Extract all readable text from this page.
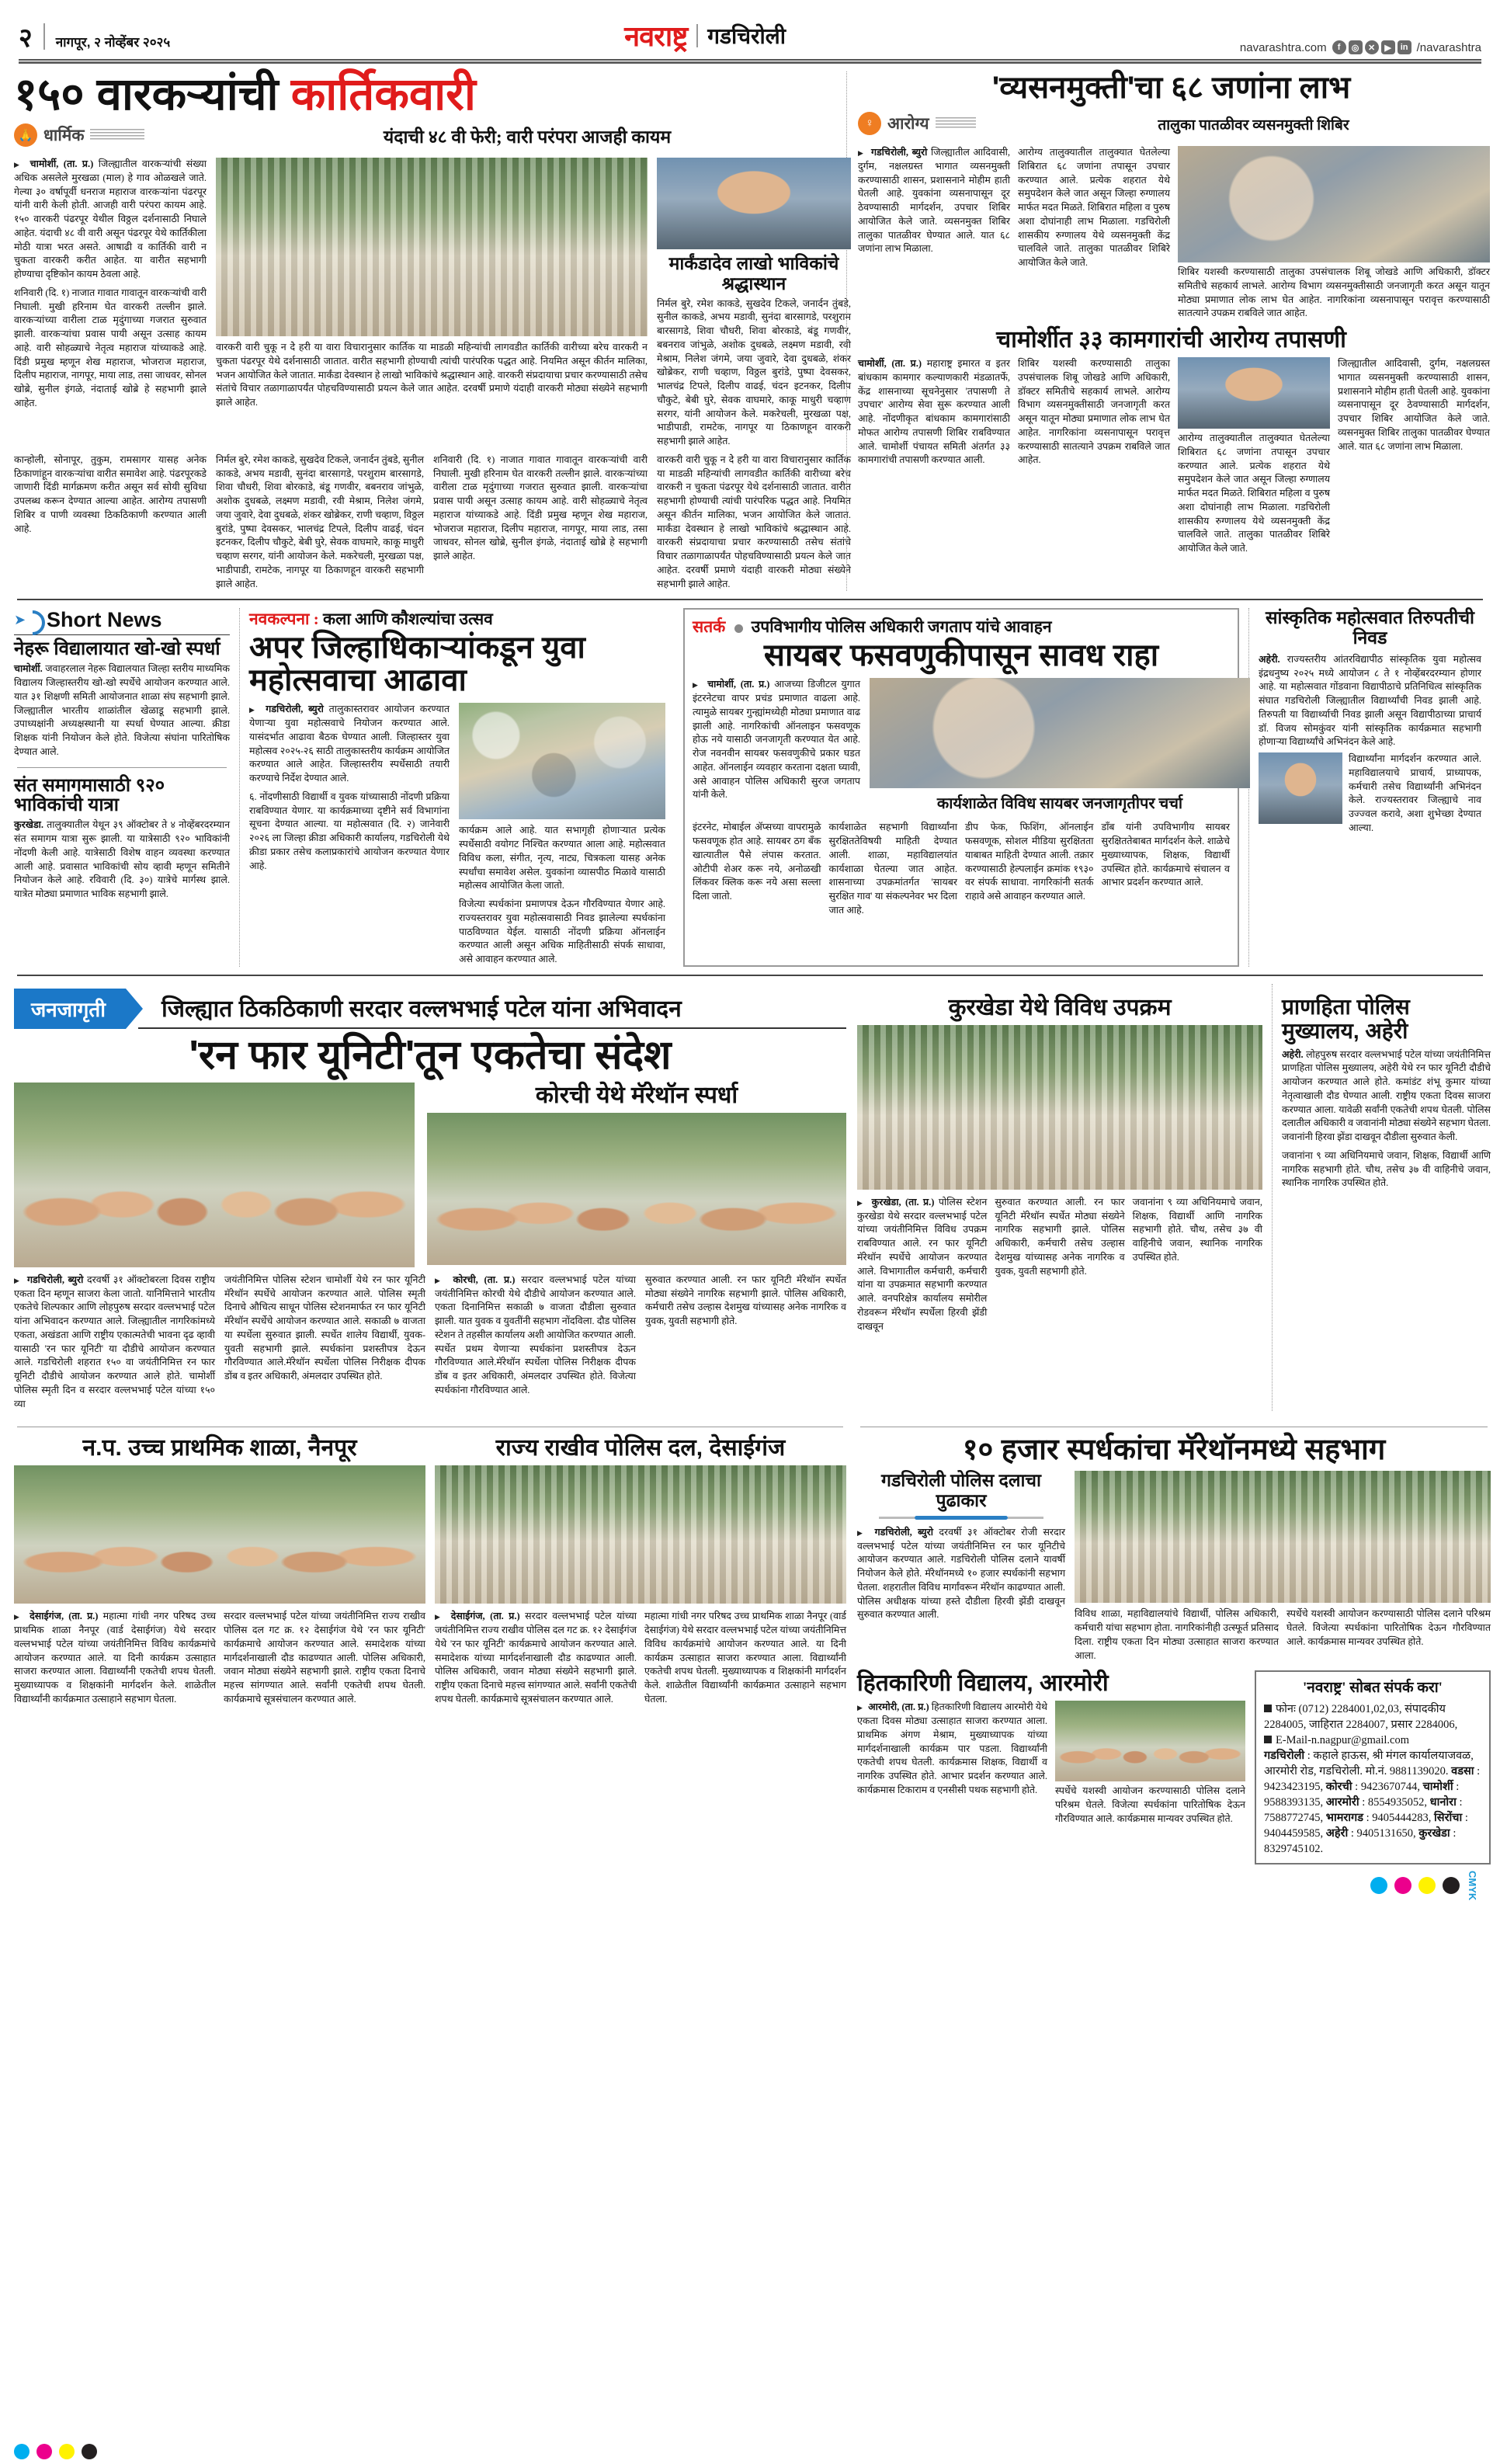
२ नागपूर, २ नोव्हेंबर २०२५	नवराष्ट्र गडचिरोली	navarashtra.com	f	◎	✕	▶	in /navarashtra
१५० वारकऱ्यांची कार्तिकवारी
🙏 धार्मिक	यंदाची ४८ वी फेरी; वारी परंपरा आजही कायम
▶ चामोर्शी, (ता. प्र.) जिल्ह्यातील वारकऱ्यांची संख्या अधिक असलेले मुरखळा (माल) हे गाव ओळखले जाते. गेल्या ३० वर्षापूर्वी धनराज महाराज वारकऱ्यांना पंढरपूर यांनी वारी केली होती. आजही वारी परंपरा कायम आहे. १५० वारकरी पंढरपूर येथील विठ्ठल दर्शनासाठी निघाले आहेत. यंदाची ४८ वी वारी असून पंढरपूर येथे कार्तिकीला मोठी यात्रा भरत असते. आषाढी व कार्तिकी वारी न चुकता वारकरी करीत आहेत. या वारीत सहभागी होण्याचा दृष्टिकोन कायम ठेवला आहे.
शनिवारी (दि. १) नाजात गावात गावातून वारकऱ्यांची वारी निघाली. मुखी हरिनाम घेत वारकरी तल्लीन झाले. वारकऱ्यांच्या वारीला टाळ मृदुंगाच्या गजरात सुरुवात झाली. वारकऱ्यांचा प्रवास पायी असून उत्साह कायम आहे. वारी सोहळ्याचे नेतृत्व महाराज यांच्याकडे आहे. दिंडी प्रमुख म्हणून शेख महाराज, भोजराज महाराज, दिलीप महाराज, नागपूर, माया लाड, तसा जाधवर, सोनल खोब्रे, सुनील इंगळे, नंदाताई खोब्रे हे सहभागी झाले आहेत.
वारकरी वारी चुकू न देे हरी या वारा विचारानुसार कार्तिक या माडळी महिन्यांची लागवडीत कार्तिकी वारीच्या बरेच वारकरी न चुकता पंढरपूर येथे दर्शनासाठी जातात. वारीत सहभागी होण्याची त्यांची पारंपरिक पद्धत आहे. नियमित असून कीर्तन मालिका, भजन आयोजित केले जातात. मार्कंडा देवस्थान हे लाखो भाविकांचे श्रद्धास्थान आहे. वारकरी संप्रदायाचा प्रचार करण्यासाठी तसेच संतांचे विचार तळागाळापर्यंत पोहचविण्यासाठी प्रयत्न केले जात आहेत. दरवर्षी प्रमाणे यंदाही वारकरी मोठ्या संख्येने सहभागी झाले आहेत.
मार्कंडादेव लाखो भाविकांचे श्रद्धास्थान
निर्मल बुरे, रमेश काकडे, सुखदेव टिकले, जनार्दन तुंबडे, सुनील काकडे, अभय मडावी, सुनंदा बारसागडे, परशुराम बारसागडे, शिवा चौधरी, शिवा बोरकाडे, बंडू गणवीर, बबनराव जांभुळे, अशोक दुधबळे, लक्ष्मण मडावी, रवी मेश्राम, निलेश जंगमे, जया जुवारे, देवा दुधबळे, शंकर खोब्रेकर, राणी चव्हाण, विठ्ठल बुरांडे, पुष्पा देवसकर, भालचंद्र टिपले, दिलीप वाढई, चंदन इटनकर, दिलीप चौकुटे, बेबी घुरे, सेवक वाघमारे, काकू माधुरी चव्हाण सरगर, यांनी आयोजन केले. मकरेचली, मुरखळा पक्ष, भाडीपाडी, रामटेक, नागपूर या ठिकाणहून वारकरी सहभागी झाले आहेत.
कान्होली, सोनापूर, तुकुम, रामसागर यासह अनेक ठिकाणांहून वारकऱ्यांचा वारीत समावेश आहे. पंढरपूरकडे जाणारी दिंडी मार्गक्रमण करीत असून सर्व सोयी सुविधा उपलब्ध करून देण्यात आल्या आहेत. आरोग्य तपासणी शिबिर व पाणी व्यवस्था ठिकठिकाणी करण्यात आली आहे.
निर्मल बुरे, रमेश काकडे, सुखदेव टिकले, जनार्दन तुंबडे, सुनील काकडे, अभय मडावी, सुनंदा बारसागडे, परशुराम बारसागडे, शिवा चौधरी, शिवा बोरकाडे, बंडू गणवीर, बबनराव जांभुळे, अशोक दुधबळे, लक्ष्मण मडावी, रवी मेश्राम, निलेश जंगमे, जया जुवारे, देवा दुधबळे, शंकर खोब्रेकर, राणी चव्हाण, विठ्ठल बुरांडे, पुष्पा देवसकर, भालचंद्र टिपले, दिलीप वाढई, चंदन इटनकर, दिलीप चौकुटे, बेबी घुरे, सेवक वाघमारे, काकू माधुरी चव्हाण सरगर, यांनी आयोजन केले. मकरेचली, मुरखळा पक्ष, भाडीपाडी, रामटेक, नागपूर या ठिकाणहून वारकरी सहभागी झाले आहेत.
शनिवारी (दि. १) नाजात गावात गावातून वारकऱ्यांची वारी निघाली. मुखी हरिनाम घेत वारकरी तल्लीन झाले. वारकऱ्यांच्या वारीला टाळ मृदुंगाच्या गजरात सुरुवात झाली. वारकऱ्यांचा प्रवास पायी असून उत्साह कायम आहे. वारी सोहळ्याचे नेतृत्व महाराज यांच्याकडे आहे. दिंडी प्रमुख म्हणून शेख महाराज, भोजराज महाराज, दिलीप महाराज, नागपूर, माया लाड, तसा जाधवर, सोनल खोब्रे, सुनील इंगळे, नंदाताई खोब्रे हे सहभागी झाले आहेत.
वारकरी वारी चुकू न देे हरी या वारा विचारानुसार कार्तिक या माडळी महिन्यांची लागवडीत कार्तिकी वारीच्या बरेच वारकरी न चुकता पंढरपूर येथे दर्शनासाठी जातात. वारीत सहभागी होण्याची त्यांची पारंपरिक पद्धत आहे. नियमित असून कीर्तन मालिका, भजन आयोजित केले जातात. मार्कंडा देवस्थान हे लाखो भाविकांचे श्रद्धास्थान आहे. वारकरी संप्रदायाचा प्रचार करण्यासाठी तसेच संतांचे विचार तळागाळापर्यंत पोहचविण्यासाठी प्रयत्न केले जात आहेत. दरवर्षी प्रमाणे यंदाही वारकरी मोठ्या संख्येने सहभागी झाले आहेत.
'व्यसनमुक्ती'चा ६८ जणांना लाभ
♀ आरोग्य	तालुका पातळीवर व्यसनमुक्ती शिबिर
▶ गडचिरोली, ब्युरो जिल्ह्यातील आदिवासी, दुर्गम, नक्षलग्रस्त भागात व्यसनमुक्ती करण्यासाठी शासन, प्रशासनाने मोहीम हाती घेतली आहे. युवकांना व्यसनापासून दूर ठेवण्यासाठी मार्गदर्शन, उपचार शिबिर आयोजित केले जाते. व्यसनमुक्त शिबिर तालुका पातळीवर घेण्यात आले. यात ६८ जणांना लाभ मिळाला.
आरोग्य तालुक्यातील तालुक्यात घेतलेल्या शिबिरात ६८ जणांना तपासून उपचार करण्यात आले. प्रत्येक शहरात येथे समुपदेशन केले जात असून जिल्हा रुग्णालय मार्फत मदत मिळते. शिबिरात महिला व पुरुष अशा दोघांनाही लाभ मिळाला. गडचिरोली शासकीय रुग्णालय येथे व्यसनमुक्ती केंद्र चालविले जाते. तालुका पातळीवर शिबिरे आयोजित केले जाते.
शिबिर यशस्वी करण्यासाठी तालुका उपसंचालक शिबू जोखडे आणि अधिकारी, डॉक्टर समितीचे सहकार्य लाभले. आरोग्य विभाग व्यसनमुक्तीसाठी जनजागृती करत असून यातून मोठ्या प्रमाणात लोक लाभ घेत आहेत. नागरिकांना व्यसनापासून परावृत्त करण्यासाठी सातत्याने उपक्रम राबविले जात आहेत.
चामोर्शीत ३३ कामगारांची आरोग्य तपासणी
चामोर्शी, (ता. प्र.) महाराष्ट्र इमारत व इतर बांधकाम कामगार कल्याणकारी मंडळातर्फे, केंद्र शासनाच्या सूचनेनुसार 'तपासणी ते उपचार' आरोग्य सेवा सुरू करण्यात आली आहे. नोंदणीकृत बांधकाम कामगारांसाठी मोफत आरोग्य तपासणी शिबिर राबविण्यात आले. चामोर्शी पंचायत समिती अंतर्गत ३३ कामगारांची तपासणी करण्यात आली.
शिबिर यशस्वी करण्यासाठी तालुका उपसंचालक शिबू जोखडे आणि अधिकारी, डॉक्टर समितीचे सहकार्य लाभले. आरोग्य विभाग व्यसनमुक्तीसाठी जनजागृती करत असून यातून मोठ्या प्रमाणात लोक लाभ घेत आहेत. नागरिकांना व्यसनापासून परावृत्त करण्यासाठी सातत्याने उपक्रम राबविले जात आहेत.
आरोग्य तालुक्यातील तालुक्यात घेतलेल्या शिबिरात ६८ जणांना तपासून उपचार करण्यात आले. प्रत्येक शहरात येथे समुपदेशन केले जात असून जिल्हा रुग्णालय मार्फत मदत मिळते. शिबिरात महिला व पुरुष अशा दोघांनाही लाभ मिळाला. गडचिरोली शासकीय रुग्णालय येथे व्यसनमुक्ती केंद्र चालविले जाते. तालुका पातळीवर शिबिरे आयोजित केले जाते.
जिल्ह्यातील आदिवासी, दुर्गम, नक्षलग्रस्त भागात व्यसनमुक्ती करण्यासाठी शासन, प्रशासनाने मोहीम हाती घेतली आहे. युवकांना व्यसनापासून दूर ठेवण्यासाठी मार्गदर्शन, उपचार शिबिर आयोजित केले जाते. व्यसनमुक्त शिबिर तालुका पातळीवर घेण्यात आले. यात ६८ जणांना लाभ मिळाला.
➤
Short News
नेहरू विद्यालायात खो-खो स्पर्धा
चामोर्शी. जवाहरलाल नेहरू विद्यालयात जिल्हा स्तरीय माध्यमिक विद्यालय जिल्हास्तरीय खो-खो स्पर्धेचे आयोजन करण्यात आले. यात ३१ शिक्षणी समिती आयोजनात शाळा संघ सहभागी झाले. जिल्ह्यातील भारतीय शाळांतील खेळाडू सहभागी झाले. उपाध्यक्षांनी अध्यक्षस्थानी या स्पर्धा घेण्यात आल्या. क्रीडा शिक्षक यांनी नियोजन केले होते. विजेत्या संघांना पारितोषिक देण्यात आले.
संत समागमासाठी ९२० भाविकांची यात्रा
कुरखेडा. तालुक्यातील येथून ३९ ऑक्टोबर ते ४ नोव्हेंबरदरम्यान संत समागम यात्रा सुरू झाली. या यात्रेसाठी ९२० भाविकांनी नोंदणी केली आहे. यात्रेसाठी विशेष वाहन व्यवस्था करण्यात आली आहे. प्रवासात भाविकांची सोय व्हावी म्हणून समितीने नियोजन केले आहे. रविवारी (दि. ३०) यात्रेचे मार्गस्थ झाले. यात्रेत मोठ्या प्रमाणात भाविक सहभागी झाले.
नवकल्पना : कला आणि कौशल्यांचा उत्सव
अपर जिल्हाधिकाऱ्यांकडून युवा महोत्सवाचा आढावा
▶ गडचिरोली, ब्युरो तालुकास्तरावर आयोजन करण्यात येणाऱ्या युवा महोत्सवाचे नियोजन करण्यात आले. यासंदर्भात आढावा बैठक घेण्यात आली. जिल्हास्तर युवा महोत्सव २०२५-२६ साठी तालुकास्तरीय कार्यक्रम आयोजित करण्यात आले आहेत. जिल्हास्तरीय स्पर्धेसाठी तयारी करण्याचे निर्देश देण्यात आले.
६. नोंदणीसाठी विद्यार्थी व युवक यांच्यासाठी नोंदणी प्रक्रिया राबविण्यात येणार. या कार्यक्रमाच्या दृष्टीने सर्व विभागांना सूचना देण्यात आल्या. या महोत्सवात (दि. २) जानेवारी २०२६ ला जिल्हा क्रीडा अधिकारी कार्यालय, गडचिरोली येथे क्रीडा प्रकार तसेच कलाप्रकारांचे आयोजन करण्यात येणार आहे.
कार्यक्रम आले आहे. यात सभागृही होणाऱ्यात प्रत्येक स्पर्धेसाठी वयोगट निश्चित करण्यात आला आहे. महोत्सवात विविध कला, संगीत, नृत्य, नाट्य, चित्रकला यासह अनेक स्पर्धांचा समावेश असेल. युवकांना व्यासपीठ मिळावे यासाठी महोत्सव आयोजित केला जातो.
विजेत्या स्पर्धकांना प्रमाणपत्र देऊन गौरविण्यात येणार आहे. राज्यस्तरावर युवा महोत्सवासाठी निवड झालेल्या स्पर्धकांना पाठविण्यात येईल. यासाठी नोंदणी प्रक्रिया ऑनलाईन करण्यात आली असून अधिक माहितीसाठी संपर्क साधावा, असे आवाहन करण्यात आले.
सतर्क उपविभागीय पोलिस अधिकारी जगताप यांचे आवाहन
सायबर फसवणुकीपासून सावध राहा
▶ चामोर्शी, (ता. प्र.) आजच्या डिजीटल युगात इंटरनेटचा वापर प्रचंड प्रमाणात वाढला आहे. त्यामुळे सायबर गुन्ह्यांमध्येही मोठ्या प्रमाणात वाढ झाली आहे. नागरिकांची ऑनलाइन फसवणूक होऊ नये यासाठी जनजागृती करण्यात येत आहे. रोज नवनवीन सायबर फसवणुकीचे प्रकार घडत आहेत. ऑनलाईन व्यवहार करताना दक्षता घ्यावी, असे आवाहन पोलिस अधिकारी सुरज जगताप यांनी केले.
कार्यशाळेत विविध सायबर जनजागृतीपर चर्चा
इंटरनेट, मोबाईल ॲप्सच्या वापरामुळे फसवणूक होत आहे. सायबर ठग बँक खात्यातील पैसे लंपास करतात. ओटीपी शेअर करू नये, अनोळखी लिंकवर क्लिक करू नये असा सल्ला दिला जातो.
कार्यशाळेत सहभागी विद्यार्थ्यांना सुरक्षिततेविषयी माहिती देण्यात आली. शाळा, महाविद्यालयांत कार्यशाळा घेतल्या जात आहेत. शासनाच्या उपक्रमांतर्गत 'सायबर सुरक्षित गाव' या संकल्पनेवर भर दिला जात आहे.
डीप फेक, फिशिंग, ऑनलाईन फसवणूक, सोशल मीडिया सुरक्षितता याबाबत माहिती देण्यात आली. तक्रार करण्यासाठी हेल्पलाईन क्रमांक १९३० वर संपर्क साधावा. नागरिकांनी सतर्क राहावे असे आवाहन करण्यात आले.
डॉंब यांनी उपविभागीय सायबर सुरक्षिततेबाबत मार्गदर्शन केले. शाळेचे मुख्याध्यापक, शिक्षक, विद्यार्थी उपस्थित होते. कार्यक्रमाचे संचालन व आभार प्रदर्शन करण्यात आले.
सांस्कृतिक महोत्सवात तिरुपतीची निवड
अहेरी. राज्यस्तरीय आंतरविद्यापीठ सांस्कृतिक युवा महोत्सव इंद्रधनुष्य २०२५ मध्ये आयोजन ८ ते १ नोव्हेंबरदरम्यान होणार आहे. या महोत्सवात गोंडवाना विद्यापीठाचे प्रतिनिधित्व सांस्कृतिक संघात गडचिरोली जिल्ह्यातील विद्यार्थ्यांची निवड झाली आहे. तिरुपती या विद्यार्थ्याची निवड झाली असून विद्यापीठाच्या प्राचार्य डॉ. विजय सोमकुंवर यांनी सांस्कृतिक कार्यक्रमात सहभागी होणाऱ्या विद्यार्थ्यांचे अभिनंदन केले आहे.
विद्यार्थ्यांना मार्गदर्शन करण्यात आले. महाविद्यालयाचे प्राचार्य, प्राध्यापक, कर्मचारी तसेच विद्यार्थ्यांनी अभिनंदन केले. राज्यस्तरावर जिल्ह्याचे नाव उज्ज्वल करावे, अशा शुभेच्छा देण्यात आल्या.
जनजागृती	जिल्ह्यात ठिकठिकाणी सरदार वल्लभभाई पटेल यांना अभिवादन
'रन फार यूनिटी'तून एकतेचा संदेश
कोरची येथे मॅरेथॉन स्पर्धा
▶ गडचिरोली, ब्युरो दरवर्षी ३१ ऑक्टोबरला दिवस राष्ट्रीय एकता दिन म्हणून साजरा केला जातो. यानिमित्ताने भारतीय एकतेचे शिल्पकार आणि लोहपुरुष सरदार वल्लभभाई पटेल यांना अभिवादन करण्यात आले. जिल्ह्यातील नागरिकांमध्ये एकता, अखंडता आणि राष्ट्रीय एकात्मतेची भावना दृढ व्हावी यासाठी 'रन फार यूनिटी' या दौडीचे आयोजन करण्यात आले. गडचिरोली शहरात १५० वा जयंतीनिमित्त रन फार यूनिटी दौडीचे आयोजन करण्यात आले होते. चामोर्शी पोलिस स्मृती दिन व सरदार वल्लभभाई पटेल यांच्या १५० व्या
जयंतीनिमित्त पोलिस स्टेशन चामोर्शी येथे रन फार यूनिटी मॅरेथॉन स्पर्धेचे आयोजन करण्यात आले. पोलिस स्मृती दिनाचे औचित्य साधून पोलिस स्टेशनमार्फत रन फार यूनिटी मॅरेथॉन स्पर्धेचे आयोजन करण्यात आले. सकाळी ७ वाजता या स्पर्धेला सुरुवात झाली. स्पर्धेत शालेय विद्यार्थी, युवक-युवती सहभागी झाले. स्पर्धकांना प्रशस्तीपत्र देऊन गौरविण्यात आले.मॅरेथॉन स्पर्धेला पोलिस निरीक्षक दीपक डोंब व इतर अधिकारी, अंमलदार उपस्थित होते.
▶ कोरची, (ता. प्र.) सरदार वल्लभभाई पटेल यांच्या जयंतीनिमित्त कोरची येथे दौडीचे आयोजन करण्यात आले. एकता दिनानिमित्त सकाळी ७ वाजता दौडीला सुरुवात झाली. यात युवक व युवतींनी सहभाग नोंदविला. दौड पोलिस स्टेशन ते तहसील कार्यालय अशी आयोजित करण्यात आली. स्पर्धेत प्रथम येणाऱ्या स्पर्धकांना प्रशस्तीपत्र देऊन गौरविण्यात आले.मॅरेथॉन स्पर्धेला पोलिस निरीक्षक दीपक डोंब व इतर अधिकारी, अंमलदार उपस्थित होते. विजेत्या स्पर्धकांना गौरविण्यात आले.
सुरुवात करण्यात आली. रन फार यूनिटी मॅरेथॉन स्पर्धेत मोठ्या संख्येने नागरिक सहभागी झाले. पोलिस अधिकारी, कर्मचारी तसेच उल्हास देशमुख यांच्यासह अनेक नागरिक व युवक, युवती सहभागी होते.
कुरखेडा येथे विविध उपक्रम
▶ कुरखेडा, (ता. प्र.) पोलिस स्टेशन कुरखेडा येथे सरदार वल्लभभाई पटेल यांच्या जयंतीनिमित्त विविध उपक्रम राबविण्यात आले. रन फार यूनिटी मॅरेथॉन स्पर्धेचे आयोजन करण्यात आले. विभागातील कर्मचारी, कर्मचारी यांना या उपक्रमात सहभागी करण्यात आले. वनपरिक्षेत्र कार्यालय समोरील रोडवरून मॅरेथॉन स्पर्धेला हिरवी झेंडी दाखवून
सुरुवात करण्यात आली. रन फार यूनिटी मॅरेथॉन स्पर्धेत मोठ्या संख्येने नागरिक सहभागी झाले. पोलिस अधिकारी, कर्मचारी तसेच उल्हास देशमुख यांच्यासह अनेक नागरिक व युवक, युवती सहभागी होते.
जवानांना ९ व्या अधिनियमाचे जवान, शिक्षक, विद्यार्थी आणि नागरिक सहभागी होते. चौथ, तसेच ३७ वी वाहिनीचे जवान, स्थानिक नागरिक उपस्थित होते.
प्राणहिता पोलिस मुख्यालय, अहेरी
अहेरी. लोहपुरुष सरदार वल्लभभाई पटेल यांच्या जयंतीनिमित्त प्राणहिता पोलिस मुख्यालय, अहेरी येथे रन फार यूनिटी दौडीचे आयोजन करण्यात आले होते. कमांडंट शंभू कुमार यांच्या नेतृत्वाखाली दौड घेण्यात आली. राष्ट्रीय एकता दिवस साजरा करण्यात आला. यावेळी सर्वांनी एकतेची शपथ घेतली. पोलिस दलातील अधिकारी व जवानांनी मोठ्या संख्येने सहभाग घेतला. जवानांनी हिरवा झेंडा दाखवून दौडीला सुरुवात केली.
जवानांना ९ व्या अधिनियमाचे जवान, शिक्षक, विद्यार्थी आणि नागरिक सहभागी होते. चौथ, तसेच ३७ वी वाहिनीचे जवान, स्थानिक नागरिक उपस्थित होते.
न.प. उच्च प्राथमिक शाळा, नैनपूर
▶ देसाईगंज, (ता. प्र.) महात्मा गांधी नगर परिषद उच्च प्राथमिक शाळा नैनपूर (वार्ड देसाईगंज) येथे सरदार वल्लभभाई पटेल यांच्या जयंतीनिमित्त विविध कार्यक्रमांचे आयोजन करण्यात आले. या दिनी कार्यक्रम उत्साहात साजरा करण्यात आला. विद्यार्थ्यांनी एकतेची शपथ घेतली. मुख्याध्यापक व शिक्षकांनी मार्गदर्शन केले. शाळेतील विद्यार्थ्यांनी कार्यक्रमात उत्साहाने सहभाग घेतला.
सरदार वल्लभभाई पटेल यांच्या जयंतीनिमित्त राज्य राखीव पोलिस दल गट क्र. १२ देसाईगंज येथे 'रन फार यूनिटी' कार्यक्रमाचे आयोजन करण्यात आले. समादेशक यांच्या मार्गदर्शनाखाली दौड काढण्यात आली. पोलिस अधिकारी, जवान मोठ्या संख्येने सहभागी झाले. राष्ट्रीय एकता दिनाचे महत्त्व सांगण्यात आले. सर्वांनी एकतेची शपथ घेतली. कार्यक्रमाचे सूत्रसंचालन करण्यात आले.
राज्य राखीव पोलिस दल, देसाईगंज
▶ देसाईगंज, (ता. प्र.) सरदार वल्लभभाई पटेल यांच्या जयंतीनिमित्त राज्य राखीव पोलिस दल गट क्र. १२ देसाईगंज येथे 'रन फार यूनिटी' कार्यक्रमाचे आयोजन करण्यात आले. समादेशक यांच्या मार्गदर्शनाखाली दौड काढण्यात आली. पोलिस अधिकारी, जवान मोठ्या संख्येने सहभागी झाले. राष्ट्रीय एकता दिनाचे महत्त्व सांगण्यात आले. सर्वांनी एकतेची शपथ घेतली. कार्यक्रमाचे सूत्रसंचालन करण्यात आले.
महात्मा गांधी नगर परिषद उच्च प्राथमिक शाळा नैनपूर (वार्ड देसाईगंज) येथे सरदार वल्लभभाई पटेल यांच्या जयंतीनिमित्त विविध कार्यक्रमांचे आयोजन करण्यात आले. या दिनी कार्यक्रम उत्साहात साजरा करण्यात आला. विद्यार्थ्यांनी एकतेची शपथ घेतली. मुख्याध्यापक व शिक्षकांनी मार्गदर्शन केले. शाळेतील विद्यार्थ्यांनी कार्यक्रमात उत्साहाने सहभाग घेतला.
१० हजार स्पर्धकांचा मॅरेथॉनमध्ये सहभाग
गडचिरोली पोलिस दलाचा पुढाकार
▶ गडचिरोली, ब्युरो दरवर्षी ३१ ऑक्टोबर रोजी सरदार वल्लभभाई पटेल यांच्या जयंतीनिमित्त रन फार यूनिटीचे आयोजन करण्यात आले. गडचिरोली पोलिस दलाने यावर्षी नियोजन केले होते. मॅरेथॉनमध्ये १० हजार स्पर्धकांनी सहभाग घेतला. शहरातील विविध मार्गांवरून मॅरेथॉन काढण्यात आली. पोलिस अधीक्षक यांच्या हस्ते दौडीला हिरवी झेंडी दाखवून सुरुवात करण्यात आली.	विविध शाळा, महाविद्यालयांचे विद्यार्थी, पोलिस अधिकारी, कर्मचारी यांचा सहभाग होता. नागरिकांनीही उत्स्फूर्त प्रतिसाद दिला. राष्ट्रीय एकता दिन मोठ्या उत्साहात साजरा करण्यात आला.
स्पर्धेचे यशस्वी आयोजन करण्यासाठी पोलिस दलाने परिश्रम घेतले. विजेत्या स्पर्धकांना पारितोषिक देऊन गौरविण्यात आले. कार्यक्रमास मान्यवर उपस्थित होते.
हितकारिणी विद्यालय, आरमोरी
▶ आरमोरी, (ता. प्र.) हितकारिणी विद्यालय आरमोरी येथे एकता दिवस मोठ्या उत्साहात साजरा करण्यात आला. प्राथमिक अंगण मेश्राम, मुख्याध्यापक यांच्या मार्गदर्शनाखाली कार्यक्रम पार पडला. विद्यार्थ्यांनी एकतेची शपथ घेतली. कार्यक्रमास शिक्षक, विद्यार्थी व नागरिक उपस्थित होते. आभार प्रदर्शन करण्यात आले. कार्यक्रमास टिकाराम व एनसीसी पथक सहभागी होते.	स्पर्धेचे यशस्वी आयोजन करण्यासाठी पोलिस दलाने परिश्रम घेतले. विजेत्या स्पर्धकांना पारितोषिक देऊन गौरविण्यात आले. कार्यक्रमास मान्यवर उपस्थित होते.
'नवराष्ट्र' सोबत संपर्क करा'
फोनः (0712) 2284001,02,03, संपादकीय 2284005, जाहिरात 2284007, प्रसार 2284006,
E-Mail-n.nagpur@gmail.com
गडचिरोली : कहाले हाऊस, श्री मंगल कार्यालयाजवळ, आरमोरी रोड, गडचिरोली. मो.नं. 9881139020. वडसा : 9423423195, कोरची : 9423670744, चामोर्शी : 9588393135, आरमोरी : 8554935052, धानोरा : 7588772745, भामरागड : 9405444283, सिरोंचा : 9404459585, अहेरी : 9405131650, कुरखेडा : 8329745102.
CMYK
